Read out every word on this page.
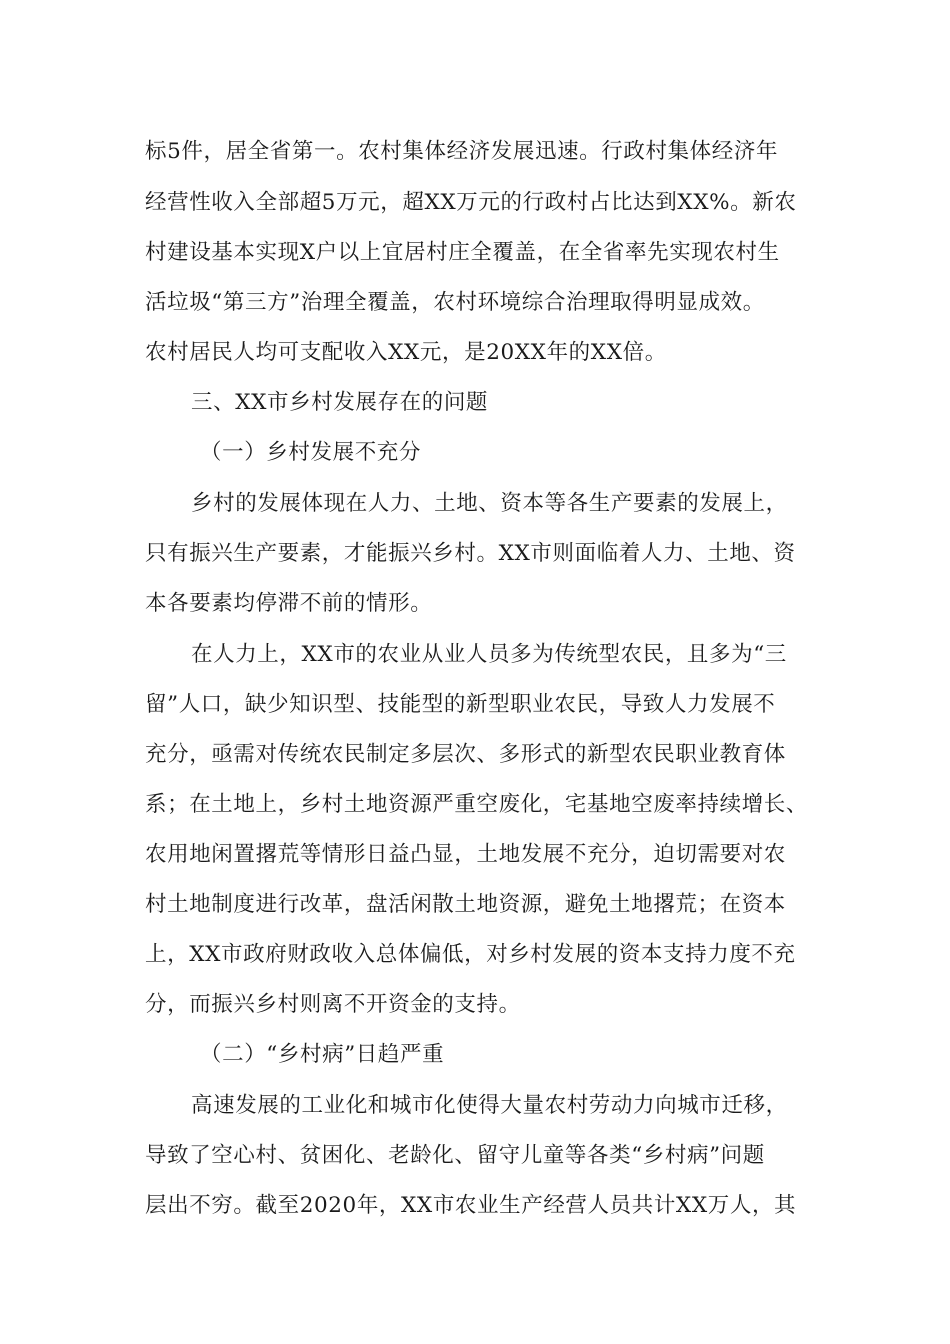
标5件，居全省第一。农村集体经济发展迅速。行政村集体经济年
经营性收入全部超5万元，超XX万元的行政村占比达到XX%。新农
村建设基本实现X户以上宜居村庄全覆盖，在全省率先实现农村生
活垃圾“第三方”治理全覆盖，农村环境综合治理取得明显成效。
农村居民人均可支配收入XX元，是20XX年的XX倍。
三、XX市乡村发展存在的问题
（一）乡村发展不充分
乡村的发展体现在人力、土地、资本等各生产要素的发展上，
只有振兴生产要素，才能振兴乡村。XX市则面临着人力、土地、资
本各要素均停滞不前的情形。
在人力上，XX市的农业从业人员多为传统型农民，且多为“三
留”人口，缺少知识型、技能型的新型职业农民，导致人力发展不
充分，亟需对传统农民制定多层次、多形式的新型农民职业教育体
系；在土地上，乡村土地资源严重空废化，宅基地空废率持续增长、
农用地闲置撂荒等情形日益凸显，土地发展不充分，迫切需要对农
村土地制度进行改革，盘活闲散土地资源，避免土地撂荒；在资本
上，XX市政府财政收入总体偏低，对乡村发展的资本支持力度不充
分，而振兴乡村则离不开资金的支持。
（二）“乡村病”日趋严重
高速发展的工业化和城市化使得大量农村劳动力向城市迁移，
导致了空心村、贫困化、老龄化、留守儿童等各类“乡村病”问题
层出不穷。截至2020年，XX市农业生产经营人员共计XX万人，其
